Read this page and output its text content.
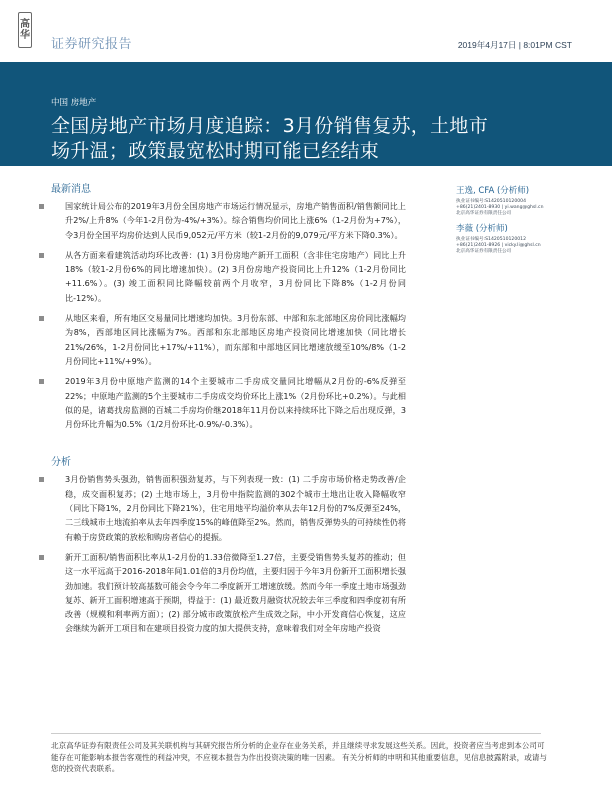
高
华
证券研究报告	2019年4月17日 | 8:01PM CST
中国 房地产
全国房地产市场月度追踪：3月份销售复苏，土地市场升温；政策最宽松时期可能已经结束
最新消息
国家统计局公布的2019年3月份全国房地产市场运行情况显示，房地产销售面积/销售额同比上升2%/上升8%（今年1-2月份为-4%/+3%）。综合销售均价同比上涨6%（1-2月份为+7%），令3月份全国平均房价达到人民币9,052元/平方米（较1-2月份的9,079元/平方米下降0.3%）。
从各方面来看建筑活动均环比改善：(1) 3月份房地产新开工面积（含非住宅房地产）同比上升18%（较1-2月份6%的同比增速加快）。(2) 3月份房地产投资同比上升12%（1-2月份同比+11.6%）。(3) 竣工面积同比降幅较前两个月收窄，3月份同比下降8%（1-2月份同比-12%）。
从地区来看，所有地区交易量同比增速均加快。3月份东部、中部和东北部地区房价同比涨幅均为8%，西部地区同比涨幅为7%。西部和东北部地区房地产投资同比增速加快（同比增长21%/26%，1-2月份同比+17%/+11%），而东部和中部地区同比增速放缓至10%/8%（1-2月份同比+11%/+9%）。
2019年3月份中原地产监测的14个主要城市二手房成交量同比增幅从2月份的-6%反弹至22%；中原地产监测的5个主要城市二手房成交均价环比上涨1%（2月份环比+0.2%）。与此相似的是，诸葛找房监测的百城二手房均价继2018年11月份以来持续环比下降之后出现反弹，3月份环比升幅为0.5%（1/2月份环比-0.9%/-0.3%）。
分析
3月份销售势头强劲，销售面积强劲复苏，与下列表现一致：(1) 二手房市场价格走势改善/企稳，成交面积复苏；(2) 土地市场上，3月份中指院监测的302个城市土地出让收入降幅收窄（同比下降1%，2月份同比下降21%），住宅用地平均溢价率从去年12月份的7%反弹至24%，二三线城市土地流拍率从去年四季度15%的峰值降至2%。然而，销售反弹势头的可持续性仍将有赖于房贷政策的放松和购房者信心的提振。
新开工面积/销售面积比率从1-2月份的1.33倍微降至1.27倍，主要受销售势头复苏的推动；但这一水平远高于2016-2018年间1.01倍的3月份均值，主要归因于今年3月份新开工面积增长强劲加速。我们预计较高基数可能会令今年二季度新开工增速放缓。然而今年一季度土地市场强劲复苏、新开工面积增速高于预期，得益于：(1) 最近数月融资状况较去年三季度和四季度初有所改善（规模和利率两方面）；(2) 部分城市政策放松产生成效之际，中小开发商信心恢复，这应会继续为新开工项目和在建项目投资力度的加大提供支持，意味着我们对全年房地产投资
王逸, CFA (分析师)
执业证书编号:S1420510120004
+86(21)2401-8930 | yi.wang@ghsl.cn
北京高华证券有限责任公司
李薇 (分析师)
执业证书编号:S1420510120012
+86(21)2401-8926 | vicky.li@ghsl.cn
北京高华证券有限责任公司
北京高华证券有限责任公司及其关联机构与其研究报告所分析的企业存在业务关系，并且继续寻求发展这些关系。因此，投资者应当考虑到本公司可能存在可能影响本报告客观性的利益冲突，不应视本报告为作出投资决策的唯一因素。 有关分析师的申明和其他重要信息，见信息披露附录，或请与您的投资代表联系。
